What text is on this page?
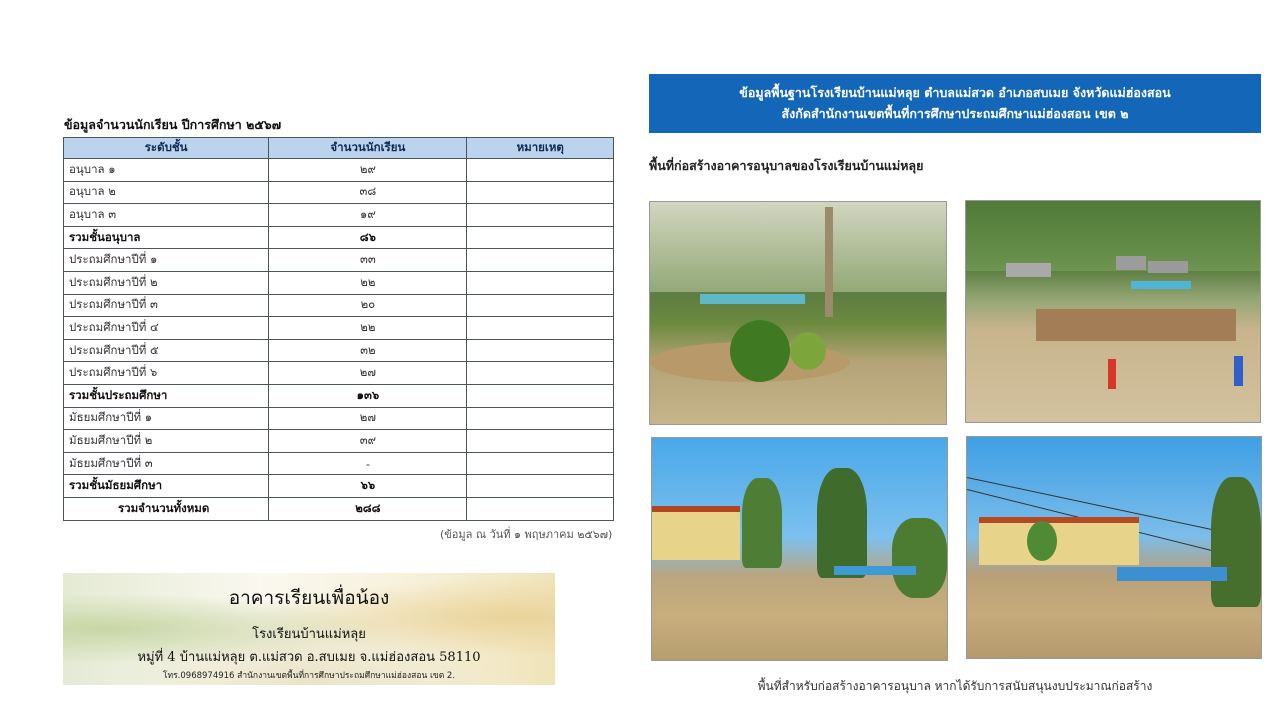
ข้อมูลจำนวนนักเรียน ปีการศึกษา ๒๕๖๗
ระดับชั้น	จำนวนนักเรียน	หมายเหตุ
อนุบาล ๑	๒๙	
อนุบาล ๒	๓๘	
อนุบาล ๓	๑๙	
รวมชั้นอนุบาล	๘๖	
ประถมศึกษาปีที่ ๑	๓๓	
ประถมศึกษาปีที่ ๒	๒๒	
ประถมศึกษาปีที่ ๓	๒๐	
ประถมศึกษาปีที่ ๔	๒๒	
ประถมศึกษาปีที่ ๕	๓๒	
ประถมศึกษาปีที่ ๖	๒๗	
รวมชั้นประถมศึกษา	๑๓๖	
มัธยมศึกษาปีที่ ๑	๒๗	
มัธยมศึกษาปีที่ ๒	๓๙	
มัธยมศึกษาปีที่ ๓	-	
รวมชั้นมัธยมศึกษา	๖๖	
รวมจำนวนทั้งหมด	๒๘๘	
(ข้อมูล ณ วันที่ ๑ พฤษภาคม ๒๕๖๗)
อาคารเรียนเพื่อน้อง
โรงเรียนบ้านแม่หลุย
หมู่ที่ 4 บ้านแม่หลุย ต.แม่สวด อ.สบเมย จ.แม่ฮ่องสอน 58110
โทร.0968974916 สำนักงานเขตพื้นที่การศึกษาประถมศึกษาแม่ฮ่องสอน เขต 2.
ข้อมูลพื้นฐานโรงเรียนบ้านแม่หลุย ตำบลแม่สวด อำเภอสบเมย จังหวัดแม่ฮ่องสอน
สังกัดสำนักงานเขตพื้นที่การศึกษาประถมศึกษาแม่ฮ่องสอน เขต ๒
พื้นที่ก่อสร้างอาคารอนุบาลของโรงเรียนบ้านแม่หลุย
พื้นที่สำหรับก่อสร้างอาคารอนุบาล หากได้รับการสนับสนุนงบประมาณก่อสร้าง
